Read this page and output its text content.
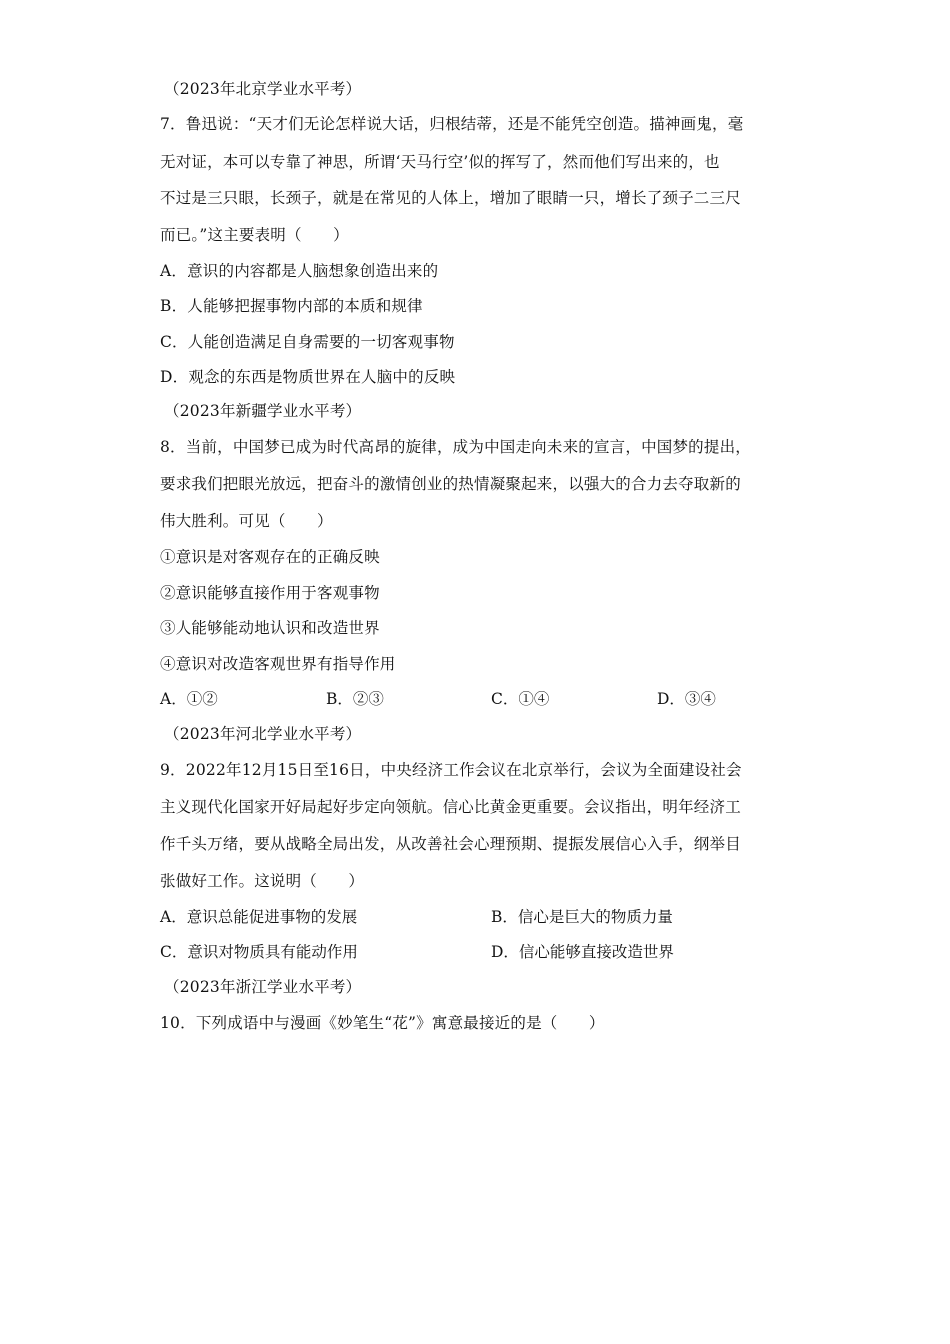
（2023年北京学业水平考）
7．鲁迅说：“天才们无论怎样说大话，归根结蒂，还是不能凭空创造。描神画鬼，毫
无对证，本可以专靠了神思，所谓‘天马行空’似的挥写了，然而他们写出来的，也
不过是三只眼，长颈子，就是在常见的人体上，增加了眼睛一只，增长了颈子二三尺
而已。”这主要表明（　　）
A．意识的内容都是人脑想象创造出来的
B．人能够把握事物内部的本质和规律
C．人能创造满足自身需要的一切客观事物
D．观念的东西是物质世界在人脑中的反映
（2023年新疆学业水平考）
8．当前，中国梦已成为时代高昂的旋律，成为中国走向未来的宣言，中国梦的提出，
要求我们把眼光放远，把奋斗的激情创业的热情凝聚起来，以强大的合力去夺取新的
伟大胜利。可见（　　）
①意识是对客观存在的正确反映
②意识能够直接作用于客观事物
③人能够能动地认识和改造世界
④意识对改造客观世界有指导作用
A．①②	B．②③	C．①④	D．③④
（2023年河北学业水平考）
9．2022年12月15日至16日，中央经济工作会议在北京举行，会议为全面建设社会
主义现代化国家开好局起好步定向领航。信心比黄金更重要。会议指出，明年经济工
作千头万绪，要从战略全局出发，从改善社会心理预期、提振发展信心入手，纲举目
张做好工作。这说明（　　）
A．意识总能促进事物的发展	B．信心是巨大的物质力量
C．意识对物质具有能动作用	D．信心能够直接改造世界
（2023年浙江学业水平考）
10．下列成语中与漫画《妙笔生“花”》寓意最接近的是（　　）
